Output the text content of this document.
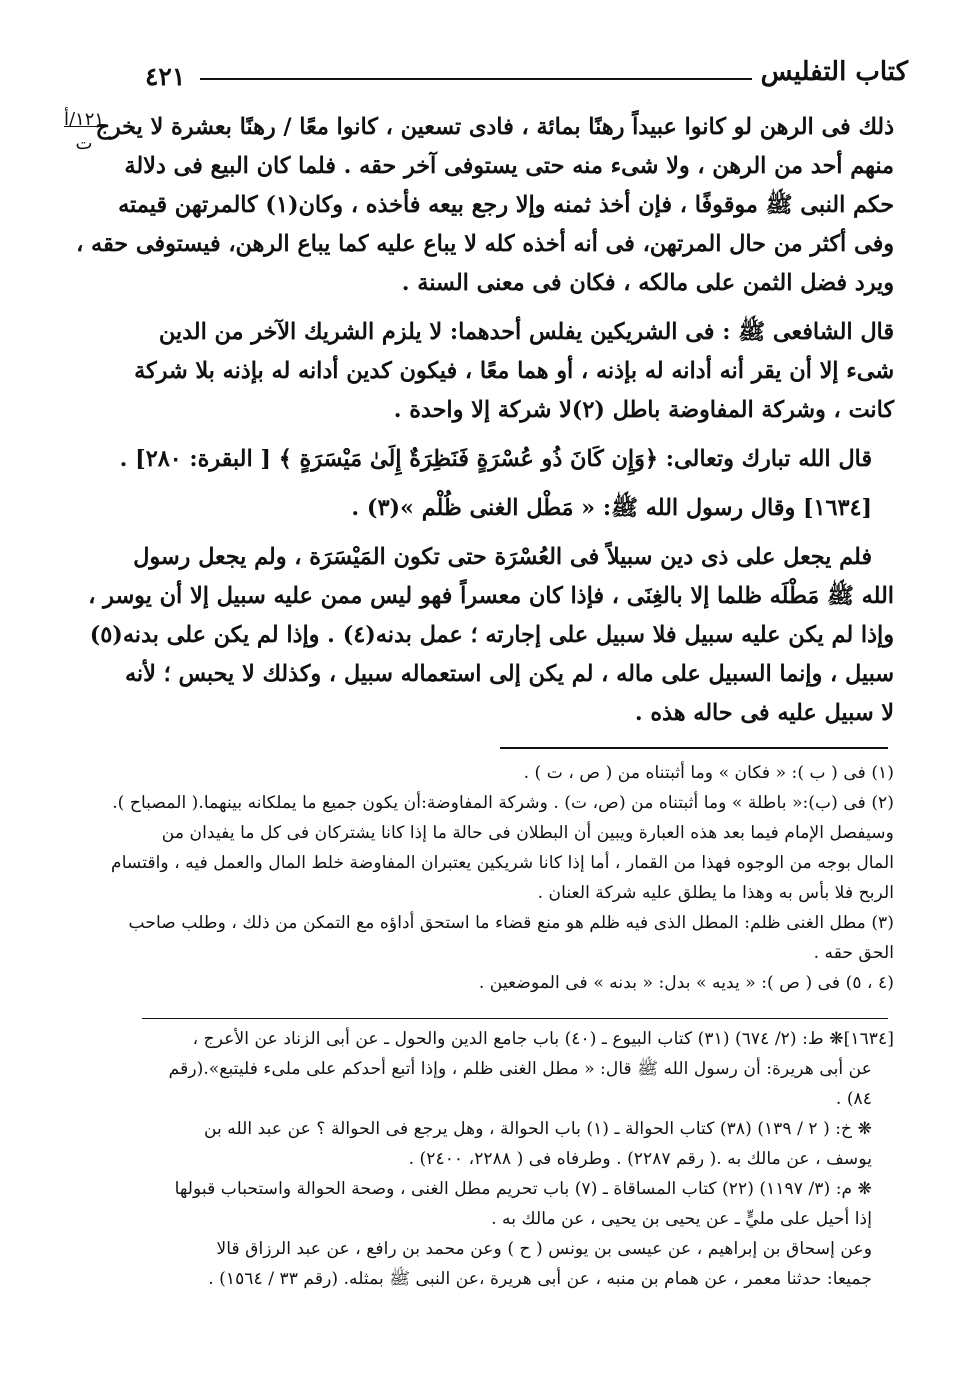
٤٢١	كتاب التفليس
١٢١/أ
ت
ذلك فى الرهن لو كانوا عبيداً رهنًا بمائة ، فادى تسعين ، كانوا معًا / رهنًا بعشرة لا يخرج
منهم أحد من الرهن ، ولا شىء منه حتى يستوفى آخر حقه . فلما كان البيع فى دلالة
حكم النبى ﷺ موقوفًا ، فإن أخذ ثمنه وإلا رجع بيعه فأخذه ، وكان(١) كالمرتهن قيمته
وفى أكثر من حال المرتهن، فى أنه أخذه كله لا يباع عليه كما يباع الرهن، فيستوفى حقه ،
ويرد فضل الثمن على مالكه ، فكان فى معنى السنة .
قال الشافعى ﷺ : فى الشريكين يفلس أحدهما: لا يلزم الشريك الآخر من الدين
شىء إلا أن يقر أنه أدانه له بإذنه ، أو هما معًا ، فيكون كدين أدانه له بإذنه بلا شركة
كانت ، وشركة المفاوضة باطل (٢)لا شركة إلا واحدة .
قال الله تبارك وتعالى: ﴿وَإِن كَانَ ذُو عُسْرَةٍ فَنَظِرَةٌ إِلَىٰ مَيْسَرَةٍ ﴾ [ البقرة: ٢٨٠] .
[١٦٣٤] وقال رسول الله ﷺ: « مَطْل الغنى ظُلْم »(٣) .
فلم يجعل على ذى دين سبيلاً فى العُسْرَة حتى تكون المَيْسَرَة ، ولم يجعل رسول
الله ﷺ مَطْلَه ظلما إلا بالغِنَى ، فإذا كان معسراً فهو ليس ممن عليه سبيل إلا أن يوسر ،
وإذا لم يكن عليه سبيل فلا سبيل على إجارته ؛ عمل بدنه(٤) . وإذا لم يكن على بدنه(٥)
سبيل ، وإنما السبيل على ماله ، لم يكن إلى استعماله سبيل ، وكذلك لا يحبس ؛ لأنه
لا سبيل عليه فى حاله هذه .
(١) فى ( ب ): « فكان » وما أثبتناه من ( ص ، ت ) .
(٢) فى (ب):« باطلة » وما أثبتناه من (ص، ت) . وشركة المفاوضة:أن يكون جميع ما يملكانه بينهما.( المصباح ).
وسيفصل الإمام فيما بعد هذه العبارة ويبين أن البطلان فى حالة ما إذا كانا يشتركان فى كل ما يفيدان من
المال بوجه من الوجوه فهذا من القمار ، أما إذا كانا شريكين يعتبران المفاوضة خلط المال والعمل فيه ، واقتسام
الربح فلا بأس به وهذا ما يطلق عليه شركة العنان .
(٣) مطل الغنى ظلم: المطل الذى فيه ظلم هو منع قضاء ما استحق أداؤه مع التمكن من ذلك ، وطلب صاحب
الحق حقه .
(٤ ، ٥) فى ( ص ): « يديه » بدل: « بدنه » فى الموضعين .
[١٦٣٤]❋ ط: (٢/ ٦٧٤) (٣١) كتاب البيوع ـ (٤٠) باب جامع الدين والحول ـ عن أبى الزناد عن الأعرج ،
عن أبى هريرة: أن رسول الله ﷺ قال: « مطل الغنى ظلم ، وإذا أتبع أحدكم على ملىء فليتبع».(رقم
٨٤) .
❋ خ: ( ٢ / ١٣٩) (٣٨) كتاب الحوالة ـ (١) باب الحوالة ، وهل يرجع فى الحوالة ؟ عن عبد الله بن
يوسف ، عن مالك به .( رقم ٢٢٨٧) . وطرفاه فى ( ٢٢٨٨، ٢٤٠٠) .
❋ م: (٣/ ١١٩٧) (٢٢) كتاب المساقاة ـ (٧) باب تحريم مطل الغنى ، وصحة الحوالة واستحباب قبولها
إذا أحيل على مليٍّ ـ عن يحيى بن يحيى ، عن مالك به .
وعن إسحاق بن إبراهيم ، عن عيسى بن يونس ( ح ) وعن محمد بن رافع ، عن عبد الرزاق قالا
جميعا: حدثنا معمر ، عن همام بن منبه ، عن أبى هريرة ،عن النبى ﷺ بمثله. (رقم ٣٣ / ١٥٦٤) .
